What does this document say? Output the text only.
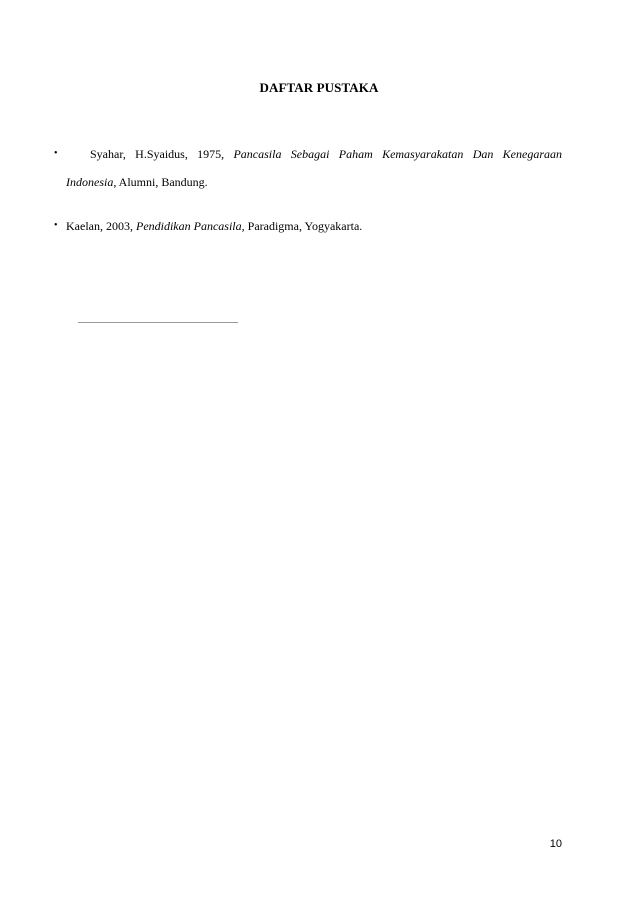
DAFTAR PUSTAKA
•	Syahar, H.Syaidus, 1975, Pancasila Sebagai Paham Kemasyarakatan Dan Kenegaraan
Indonesia, Alumni, Bandung.
• Kaelan, 2003, Pendidikan Pancasila, Paradigma, Yogyakarta.
10
